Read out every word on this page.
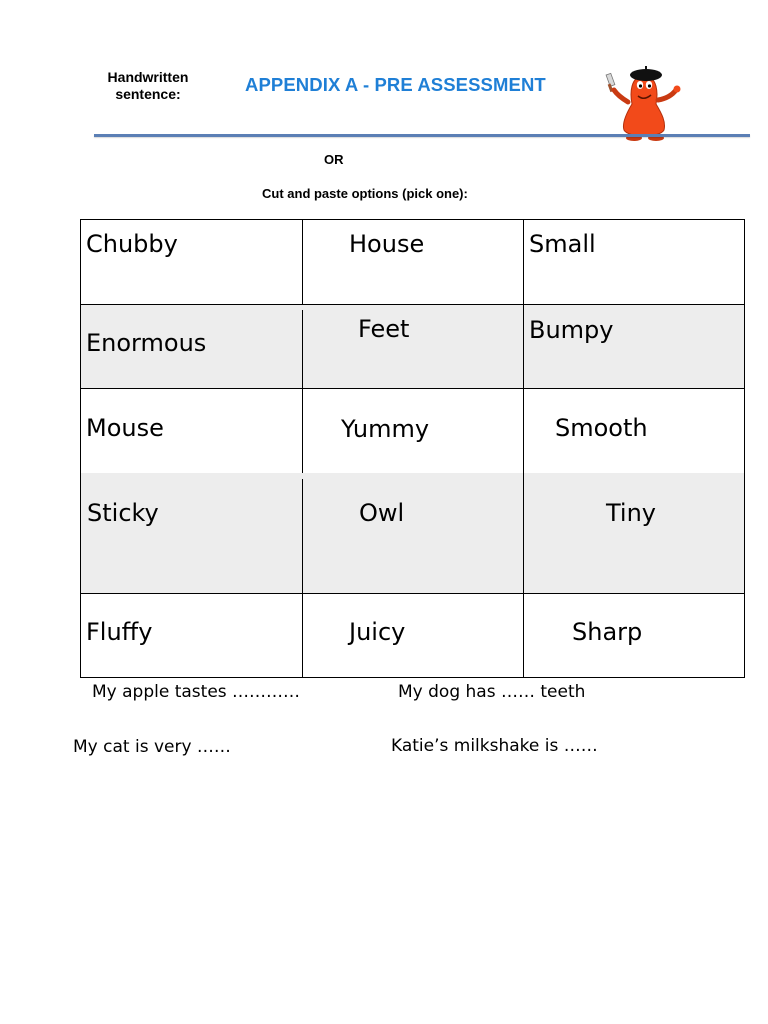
Handwritten sentence:	APPENDIX A - PRE ASSESSMENT
OR
Cut and paste options (pick one):
Chubby	House	Small
Enormous	Feet	Bumpy
Mouse	Yummy	Smooth
Sticky	Owl	Tiny
Fluffy	Juicy	Sharp
My apple tastes …………	My dog has …… teeth
My cat is very ……	Katie’s milkshake is ……
